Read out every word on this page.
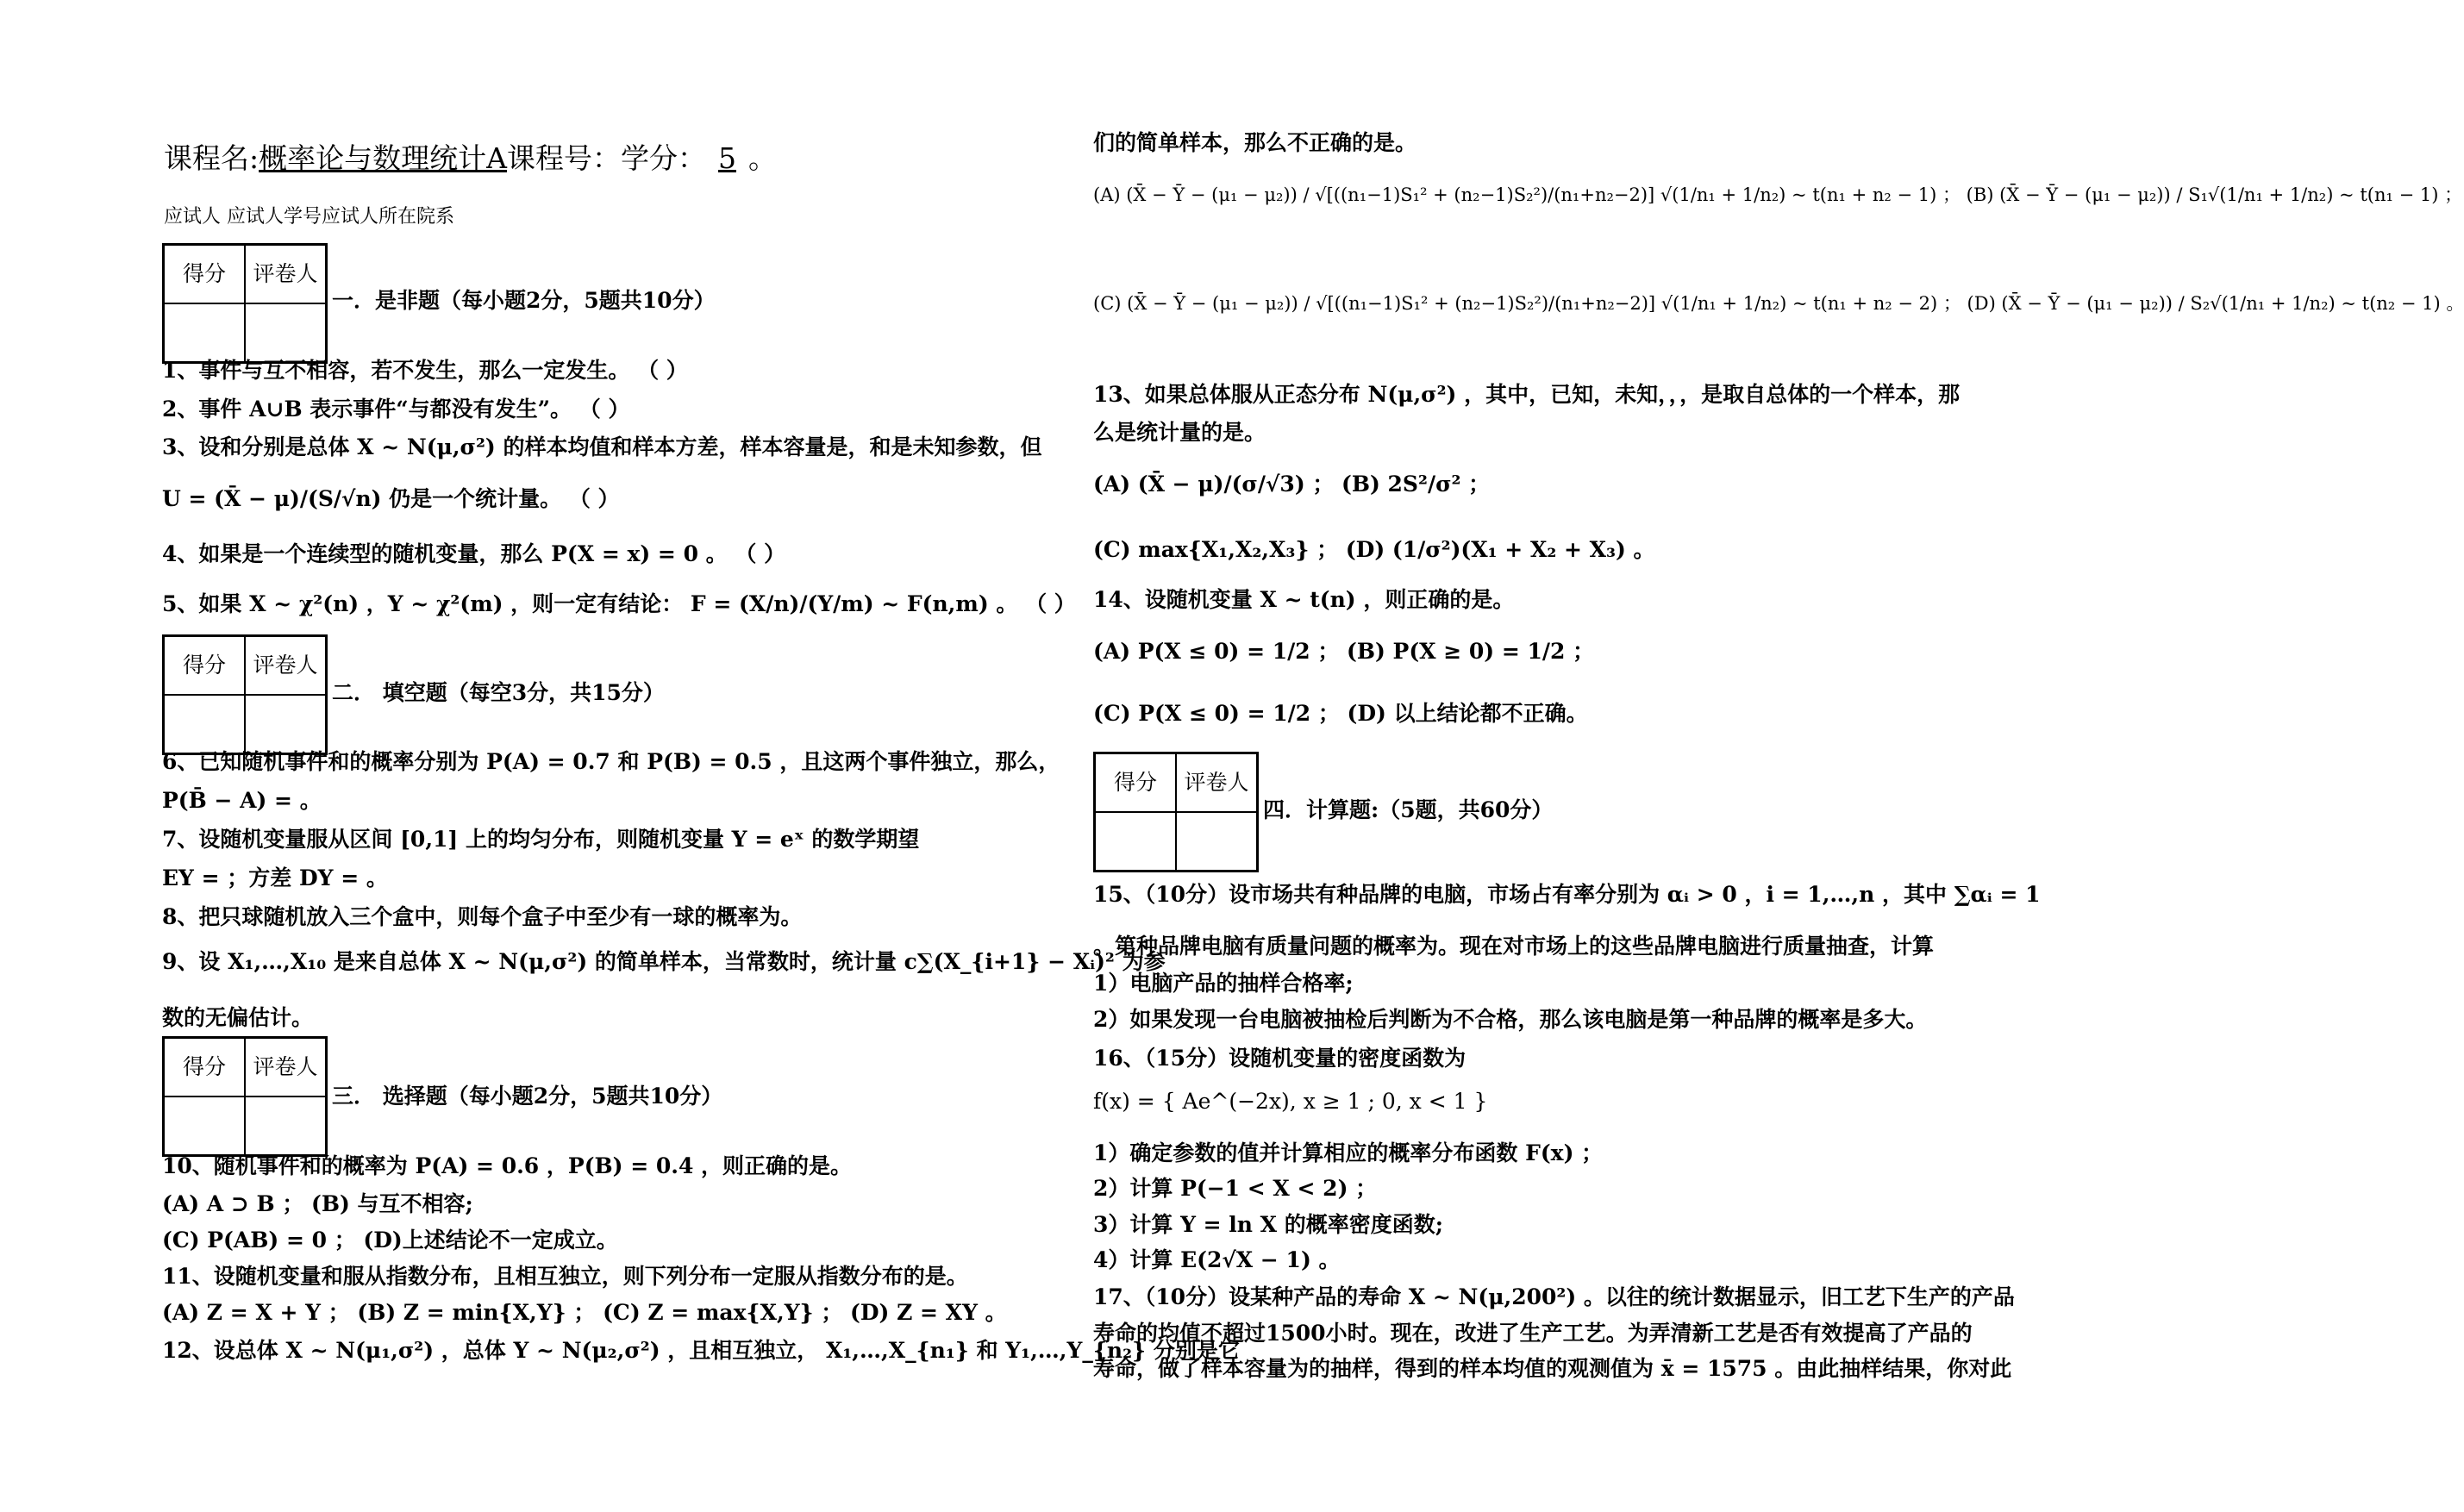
课程名:概率论与数理统计A课程号：学分： 5 。
应试人 应试人学号应试人所在院系
得分	评卷人

一．是非题（每小题2分，5题共10分）
得分	评卷人

二． 填空题（每空3分，共15分）
得分	评卷人

三． 选择题（每小题2分，5题共10分）
得分	评卷人

四．计算题:（5题，共60分）
1、事件与互不相容，若不发生，那么一定发生。 （ ）
2、事件 A∪B 表示事件“与都没有发生”。 （ ）
3、设和分别是总体 X ~ N(μ,σ²) 的样本均值和样本方差，样本容量是，和是未知参数，但
U = (X̄ − μ)/(S/√n) 仍是一个统计量。 （ ）
4、如果是一个连续型的随机变量，那么 P(X = x) = 0 。 （ ）
5、如果 X ~ χ²(n) ，Y ~ χ²(m) ，则一定有结论： F = (X/n)/(Y/m) ~ F(n,m) 。 （ ）
6、已知随机事件和的概率分别为 P(A) = 0.7 和 P(B) = 0.5 ，且这两个事件独立，那么，
P(B̄ − A) = 。
7、设随机变量服从区间 [0,1] 上的均匀分布，则随机变量 Y = eˣ 的数学期望
EY = ；方差 DY = 。
8、把只球随机放入三个盒中，则每个盒子中至少有一球的概率为。
9、设 X₁,…,X₁₀ 是来自总体 X ~ N(μ,σ²) 的简单样本，当常数时，统计量 c∑(X_{i+1} − Xᵢ)² 为参
数的无偏估计。
10、随机事件和的概率为 P(A) = 0.6 ，P(B) = 0.4 ，则正确的是。
(A) A ⊃ B ； (B) 与互不相容;
(C) P(AB) = 0 ； (D)上述结论不一定成立。
11、设随机变量和服从指数分布，且相互独立，则下列分布一定服从指数分布的是。
(A) Z = X + Y ； (B) Z = min{X,Y} ； (C) Z = max{X,Y} ； (D) Z = XY 。
12、设总体 X ~ N(μ₁,σ²) ，总体 Y ~ N(μ₂,σ²) ，且相互独立， X₁,…,X_{n₁} 和 Y₁,…,Y_{n₂} 分别是它
们的简单样本，那么不正确的是。
(A) (X̄ − Ȳ − (μ₁ − μ₂)) / √[((n₁−1)S₁² + (n₂−1)S₂²)/(n₁+n₂−2)] √(1/n₁ + 1/n₂) ~ t(n₁ + n₂ − 1) ； (B) (X̄ − Ȳ − (μ₁ − μ₂)) / S₁√(1/n₁ + 1/n₂) ~ t(n₁ − 1) ；
(C) (X̄ − Ȳ − (μ₁ − μ₂)) / √[((n₁−1)S₁² + (n₂−1)S₂²)/(n₁+n₂−2)] √(1/n₁ + 1/n₂) ~ t(n₁ + n₂ − 2) ； (D) (X̄ − Ȳ − (μ₁ − μ₂)) / S₂√(1/n₁ + 1/n₂) ~ t(n₂ − 1) 。
13、如果总体服从正态分布 N(μ,σ²) ，其中，已知，未知，，，是取自总体的一个样本，那
么是统计量的是。
(A) (X̄ − μ)/(σ/√3) ； (B) 2S²/σ² ；
(C) max{X₁,X₂,X₃} ； (D) (1/σ²)(X₁ + X₂ + X₃) 。
14、设随机变量 X ~ t(n) ，则正确的是。
(A) P(X ≤ 0) = 1/2 ； (B) P(X ≥ 0) = 1/2 ；
(C) P(X ≤ 0) = 1/2 ； (D) 以上结论都不正确。
15、（10分）设市场共有种品牌的电脑，市场占有率分别为 αᵢ > 0 ，i = 1,…,n ，其中 ∑αᵢ = 1
。第种品牌电脑有质量问题的概率为。现在对市场上的这些品牌电脑进行质量抽查，计算
1）电脑产品的抽样合格率;
2）如果发现一台电脑被抽检后判断为不合格，那么该电脑是第一种品牌的概率是多大。
16、（15分）设随机变量的密度函数为
f(x) = { Ae^(−2x), x ≥ 1 ; 0, x < 1 }
1）确定参数的值并计算相应的概率分布函数 F(x) ；
2）计算 P(−1 < X < 2) ；
3）计算 Y = ln X 的概率密度函数;
4）计算 E(2√X − 1) 。
17、（10分）设某种产品的寿命 X ~ N(μ,200²) 。以往的统计数据显示，旧工艺下生产的产品
寿命的均值不超过1500小时。现在，改进了生产工艺。为弄清新工艺是否有效提高了产品的
寿命，做了样本容量为的抽样，得到的样本均值的观测值为 x̄ = 1575 。由此抽样结果，你对此
